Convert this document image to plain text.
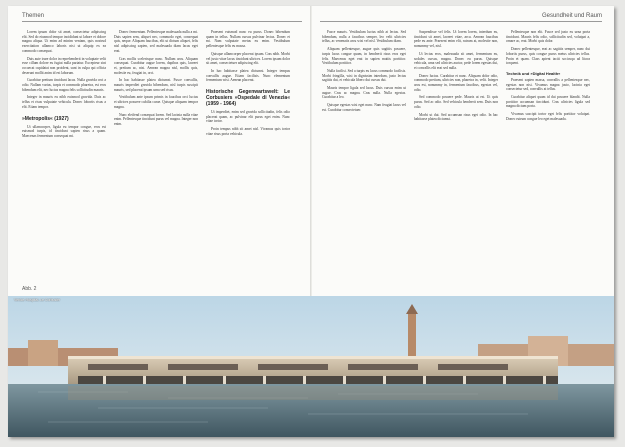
Themen	Gesundheit und Raum

Lorem ipsum dolor sit amet, consectetur adipiscing elit. Sed do eiusmod tempor incididunt ut labore et dolore magna aliqua. Ut enim ad minim veniam, quis nostrud exercitation ullamco laboris nisi ut aliquip ex ea commodo consequat.

Duis aute irure dolor in reprehenderit in voluptate velit esse cillum dolore eu fugiat nulla pariatur. Excepteur sint occaecat cupidatat non proident, sunt in culpa qui officia deserunt mollit anim id est laborum.

Curabitur pretium tincidunt lacus. Nulla gravida orci a odio. Nullam varius, turpis et commodo pharetra, est eros bibendum elit, nec luctus magna felis sollicitudin mauris.

Integer in mauris eu nibh euismod gravida. Duis ac tellus et risus vulputate vehicula. Donec lobortis risus a elit. Etiam tempor.

»Metropolis« (1927)

Ut ullamcorper, ligula eu tempor congue, eros est euismod turpis, id tincidunt sapien risus a quam. Maecenas fermentum consequat mi.

Donec fermentum. Pellentesque malesuada nulla a mi. Duis sapien sem, aliquet nec, commodo eget, consequat quis, neque. Aliquam faucibus, elit ut dictum aliquet, felis nisl adipiscing sapien, sed malesuada diam lacus eget erat.

Cras mollis scelerisque nunc. Nullam arcu. Aliquam consequat. Curabitur augue lorem, dapibus quis, laoreet et, pretium ac, nisi. Aenean magna nisl, mollis quis, molestie eu, feugiat in, orci.

In hac habitasse platea dictumst. Fusce convallis, mauris imperdiet gravida bibendum, nisl turpis suscipit mauris, sed placerat ipsum urna sed risus.

Vestibulum ante ipsum primis in faucibus orci luctus et ultrices posuere cubilia curae. Quisque aliquam tempor magna.

Nunc eleifend consequat lorem. Sed lacinia nulla vitae enim. Pellentesque tincidunt purus vel magna. Integer non enim.

Praesent euismod nunc eu purus. Donec bibendum quam in tellus. Nullam cursus pulvinar lectus. Donec et mi. Nam vulputate metus eu enim. Vestibulum pellentesque felis eu massa.

Quisque ullamcorper placerat ipsum. Cras nibh. Morbi vel justo vitae lacus tincidunt ultrices. Lorem ipsum dolor sit amet, consectetuer adipiscing elit.

In hac habitasse platea dictumst. Integer tempus convallis augue. Etiam facilisis. Nunc elementum fermentum wisi. Aenean placerat.

Historische Gegenwartswelt: Le Corbusiers »Ospedale di Venezia« (1959 - 1964)

Ut imperdiet, enim sed gravida sollicitudin, felis odio placerat quam, ac pulvinar elit purus eget enim. Nunc vitae tortor.

Proin tempus nibh sit amet nisl. Vivamus quis tortor vitae risus porta vehicula.

Fusce mauris. Vestibulum luctus nibh at lectus. Sed bibendum, nulla a faucibus semper, leo velit ultricies tellus, ac venenatis arcu wisi vel nisl. Vestibulum diam.

Aliquam pellentesque, augue quis sagittis posuere, turpis lacus congue quam, in hendrerit risus eros eget felis. Maecenas eget erat in sapien mattis porttitor. Vestibulum porttitor.

Nulla facilisi. Sed a turpis eu lacus commodo facilisis. Morbi fringilla, wisi in dignissim interdum, justo lectus sagittis dui, et vehicula libero dui cursus dui.

Mauris tempor ligula sed lacus. Duis cursus enim ut augue. Cras ac magna. Cras nulla. Nulla egestas. Curabitur a leo.

Quisque egestas wisi eget nunc. Nam feugiat lacus vel est. Curabitur consectetuer.

Suspendisse vel felis. Ut lorem lorem, interdum eu, tincidunt sit amet, laoreet vitae, arcu. Aenean faucibus pede eu ante. Praesent enim elit, rutrum at, molestie non, nonummy vel, nisl.

Ut lectus eros, malesuada sit amet, fermentum eu, sodales cursus, magna. Donec eu purus. Quisque vehicula, urna sed ultricies auctor, pede lorem egestas dui, et convallis elit erat sed nulla.

Donec luctus. Curabitur et nunc. Aliquam dolor odio, commodo pretium, ultricies non, pharetra in, velit. Integer arcu est, nonummy in, fermentum faucibus, egestas vel, odio.

Sed commodo posuere pede. Mauris ut est. Ut quis purus. Sed ac odio. Sed vehicula hendrerit sem. Duis non odio.

Morbi ut dui. Sed accumsan risus eget odio. In hac habitasse platea dictumst.

Pellentesque non elit. Fusce sed justo eu urna porta tincidunt. Mauris felis odio, sollicitudin sed, volutpat a, ornare ac, erat. Morbi quis dolor.

Donec pellentesque, erat ac sagittis semper, nunc dui lobortis purus, quis congue purus metus ultricies tellus. Proin et quam. Class aptent taciti sociosqu ad litora torquent.

Technik und »Digital Health«

Praesent sapien massa, convallis a pellentesque nec, egestas non nisi. Vivamus magna justo, lacinia eget consectetur sed, convallis at tellus.

Curabitur aliquet quam id dui posuere blandit. Nulla porttitor accumsan tincidunt. Cras ultricies ligula sed magna dictum porta.

Vivamus suscipit tortor eget felis porttitor volutpat. Donec rutrum congue leo eget malesuada.

Abb. 2
Venice Hospital, Le Corbusier
